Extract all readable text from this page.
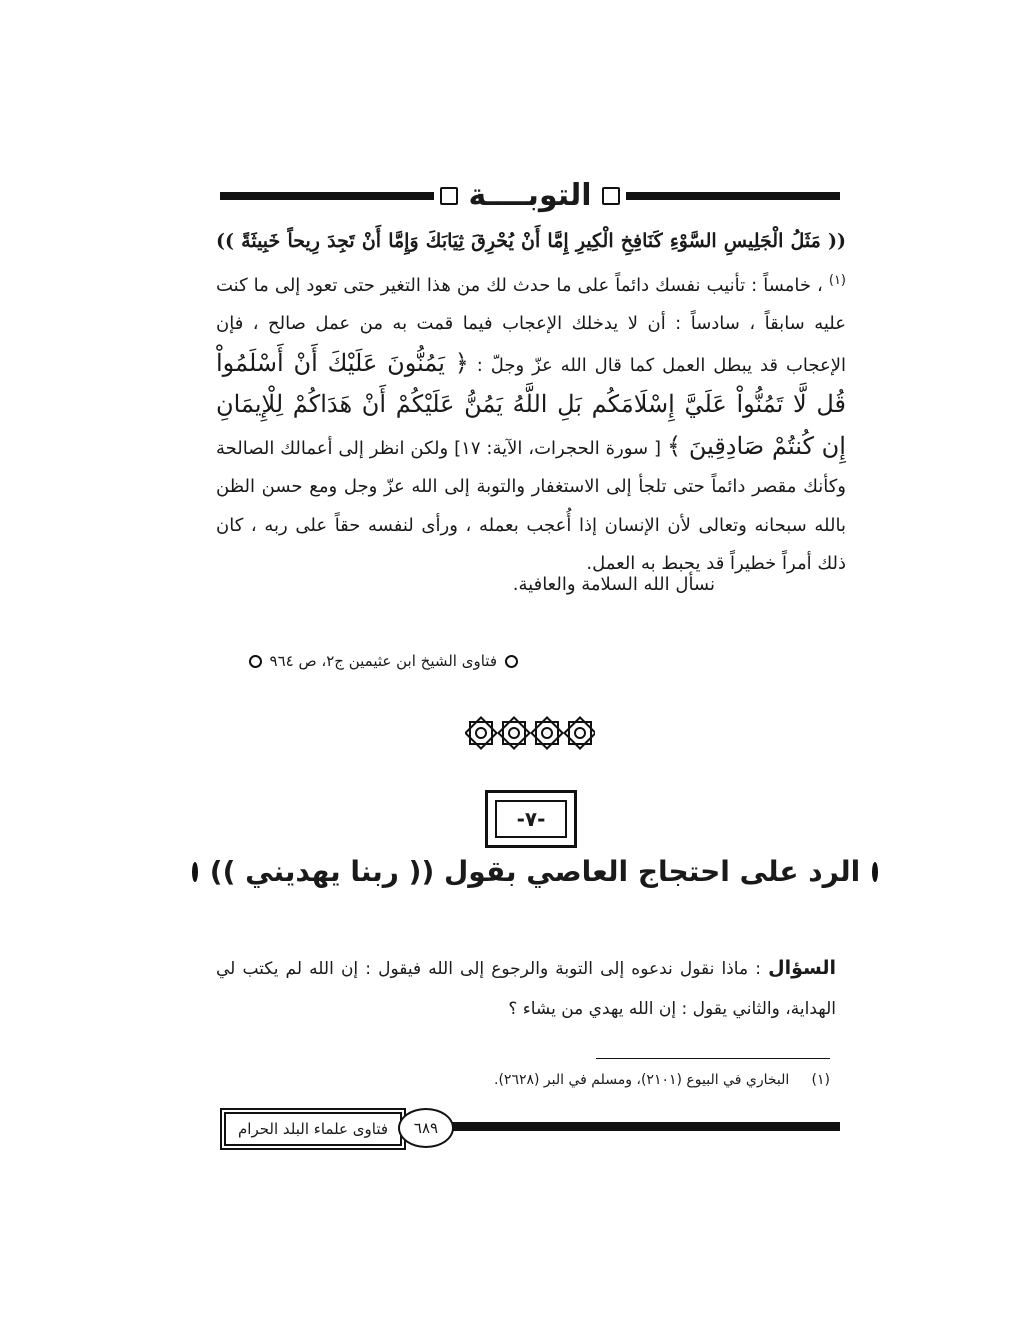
التوبــــة

(( مَثَلُ الْجَلِيسِ السَّوْءِ كَنَافِخِ الْكِيرِ إِمَّا أَنْ يُحْرِقَ ثِيَابَكَ وَإِمَّا أَنْ تَجِدَ رِيحاً خَبِيثَةً )) $^{(١)}$ ، خامساً : تأنيب نفسك دائماً على ما حدث لك من هذا التغير حتى تعود إلى ما كنت عليه سابقاً ، سادساً : أن لا يدخلك الإعجاب فيما قمت به من عمل صالح ، فإن الإعجاب قد يبطل العمل كما قال الله عزّ وجلّ : ﴿ يَمُنُّونَ عَلَيْكَ أَنْ أَسْلَمُواْ قُل لَّا تَمُنُّواْ عَلَيَّ إِسْلَامَكُم بَلِ اللَّهُ يَمُنُّ عَلَيْكُمْ أَنْ هَدَاكُمْ لِلْإِيمَانِ إِن كُنتُمْ صَادِقِينَ ﴾ [ سورة الحجرات، الآية: ١٧] ولكن انظر إلى أعمالك الصالحة وكأنك مقصر دائماً حتى تلجأ إلى الاستغفار والتوبة إلى الله عزّ وجل ومع حسن الظن بالله سبحانه وتعالى لأن الإنسان إذا أُعجب بعمله ، ورأى لنفسه حقاً على ربه ، كان ذلك أمراً خطيراً قد يحبط به العمل.

نسأل الله السلامة والعافية.
فتاوى الشيخ ابن عثيمين ج٢، ص ٩٦٤
-٧-
الرد على احتجاج العاصي بقول (( ربنا يهديني ))
السؤال : ماذا نقول ندعوه إلى التوبة والرجوع إلى الله فيقول : إن الله لم يكتب لي الهداية، والثاني يقول : إن الله يهدي من يشاء ؟
(١)     البخاري في البيوع (٢١٠١)، ومسلم في البر (٢٦٢٨).
فتاوى علماء البلد الحرام	٦٨٩
